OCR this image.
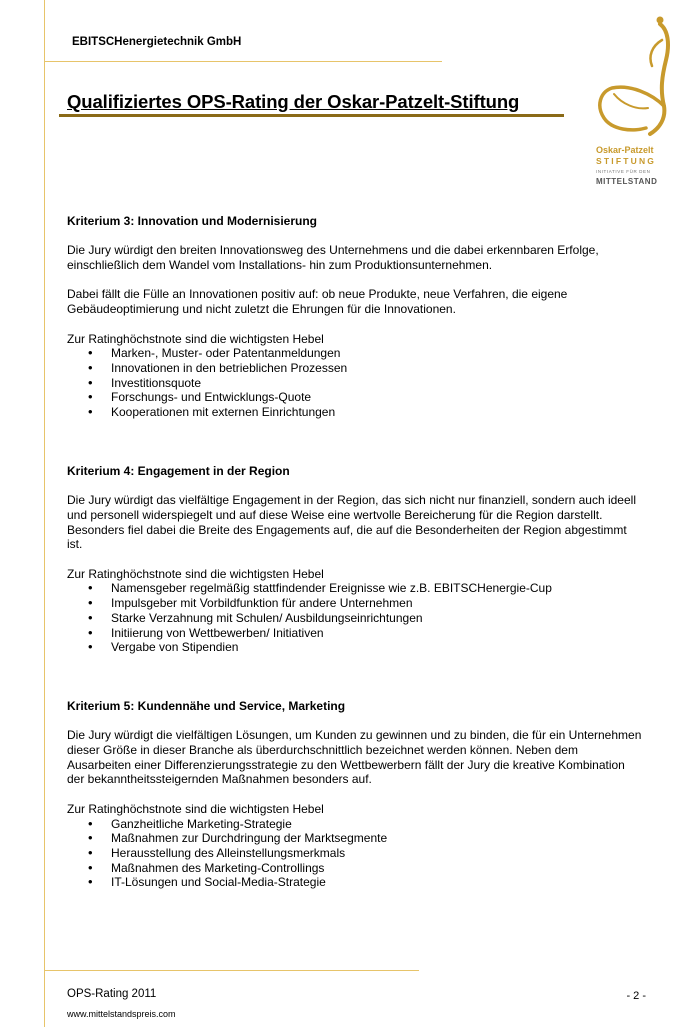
EBITSCHenergietechnik GmbH
Qualifiziertes OPS-Rating der Oskar-Patzelt-Stiftung
Oskar-Patzelt
STIFTUNG
INITIATIVE FÜR DEN
MITTELSTAND

Kriterium 3: Innovation und Modernisierung

Die Jury würdigt den breiten Innovationsweg des Unternehmens und die dabei erkennbaren Erfolge, einschließlich dem Wandel vom Installations- hin zum Produktionsunternehmen.

Dabei fällt die Fülle an Innovationen positiv auf: ob neue Produkte, neue Verfahren, die eigene Gebäudeoptimierung und nicht zuletzt die Ehrungen für die Innovationen.

Zur Ratinghöchstnote sind die wichtigsten Hebel

• Marken-, Muster- oder Patentanmeldungen
• Innovationen in den betrieblichen Prozessen
• Investitionsquote
• Forschungs- und Entwicklungs-Quote
• Kooperationen mit externen Einrichtungen

Kriterium 4: Engagement in der Region

Die Jury würdigt das vielfältige Engagement in der Region, das sich nicht nur finanziell, sondern auch ideell und personell widerspiegelt und auf diese Weise eine wertvolle Bereicherung für die Region darstellt. Besonders fiel dabei die Breite des Engagements auf, die auf die Besonderheiten der Region abgestimmt ist.

Zur Ratinghöchstnote sind die wichtigsten Hebel

• Namensgeber regelmäßig stattfindender Ereignisse wie z.B. EBITSCHenergie-Cup
• Impulsgeber mit Vorbildfunktion für andere Unternehmen
• Starke Verzahnung mit Schulen/ Ausbildungseinrichtungen
• Initiierung von Wettbewerben/ Initiativen
• Vergabe von Stipendien

Kriterium 5: Kundennähe und Service, Marketing

Die Jury würdigt die vielfältigen Lösungen, um Kunden zu gewinnen und zu binden, die für ein Unternehmen dieser Größe in dieser Branche als überdurchschnittlich bezeichnet werden können. Neben dem Ausarbeiten einer Differenzierungsstrategie zu den Wettbewerbern fällt der Jury die kreative Kombination der bekanntheitssteigernden Maßnahmen besonders auf.

Zur Ratinghöchstnote sind die wichtigsten Hebel

• Ganzheitliche Marketing-Strategie
• Maßnahmen zur Durchdringung der Marktsegmente
• Herausstellung des Alleinstellungsmerkmals
• Maßnahmen des Marketing-Controllings
• IT-Lösungen und Social-Media-Strategie
OPS-Rating 2011	- 2 -
www.mittelstandspreis.com
